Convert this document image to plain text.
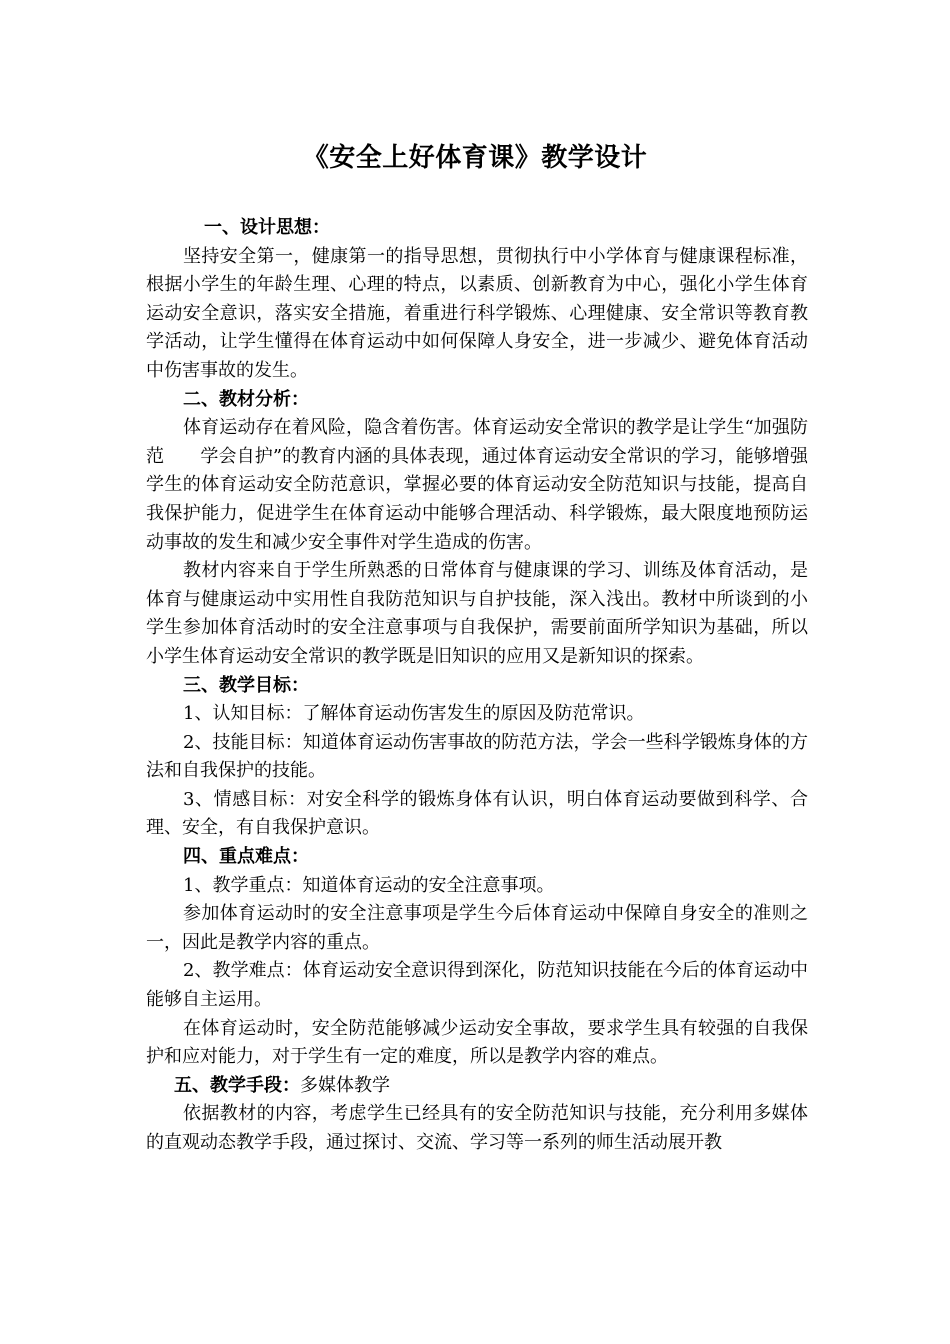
《安全上好体育课》教学设计

一、设计思想：

坚持安全第一，健康第一的指导思想，贯彻执行中小学体育与健康课程标准，根据小学生的年龄生理、心理的特点，以素质、创新教育为中心，强化小学生体育运动安全意识，落实安全措施，着重进行科学锻炼、心理健康、安全常识等教育教学活动，让学生懂得在体育运动中如何保障人身安全，进一步减少、避免体育活动中伤害事故的发生。

二、教材分析：

体育运动存在着风险，隐含着伤害。体育运动安全常识的教学是让学生“加强防范　　学会自护”的教育内涵的具体表现，通过体育运动安全常识的学习，能够增强学生的体育运动安全防范意识，掌握必要的体育运动安全防范知识与技能，提高自我保护能力，促进学生在体育运动中能够合理活动、科学锻炼，最大限度地预防运动事故的发生和减少安全事件对学生造成的伤害。

教材内容来自于学生所熟悉的日常体育与健康课的学习、训练及体育活动，是体育与健康运动中实用性自我防范知识与自护技能，深入浅出。教材中所谈到的小学生参加体育活动时的安全注意事项与自我保护，需要前面所学知识为基础，所以小学生体育运动安全常识的教学既是旧知识的应用又是新知识的探索。

三、教学目标：

1、认知目标：了解体育运动伤害发生的原因及防范常识。

2、技能目标：知道体育运动伤害事故的防范方法，学会一些科学锻炼身体的方法和自我保护的技能。

3、情感目标：对安全科学的锻炼身体有认识，明白体育运动要做到科学、合理、安全，有自我保护意识。

四、重点难点：

1、教学重点：知道体育运动的安全注意事项。

参加体育运动时的安全注意事项是学生今后体育运动中保障自身安全的准则之一，因此是教学内容的重点。

2、教学难点：体育运动安全意识得到深化，防范知识技能在今后的体育运动中能够自主运用。

在体育运动时，安全防范能够减少运动安全事故，要求学生具有较强的自我保护和应对能力，对于学生有一定的难度，所以是教学内容的难点。

五、教学手段：多媒体教学

依据教材的内容，考虑学生已经具有的安全防范知识与技能，充分利用多媒体的直观动态教学手段，通过探讨、交流、学习等一系列的师生活动展开教
